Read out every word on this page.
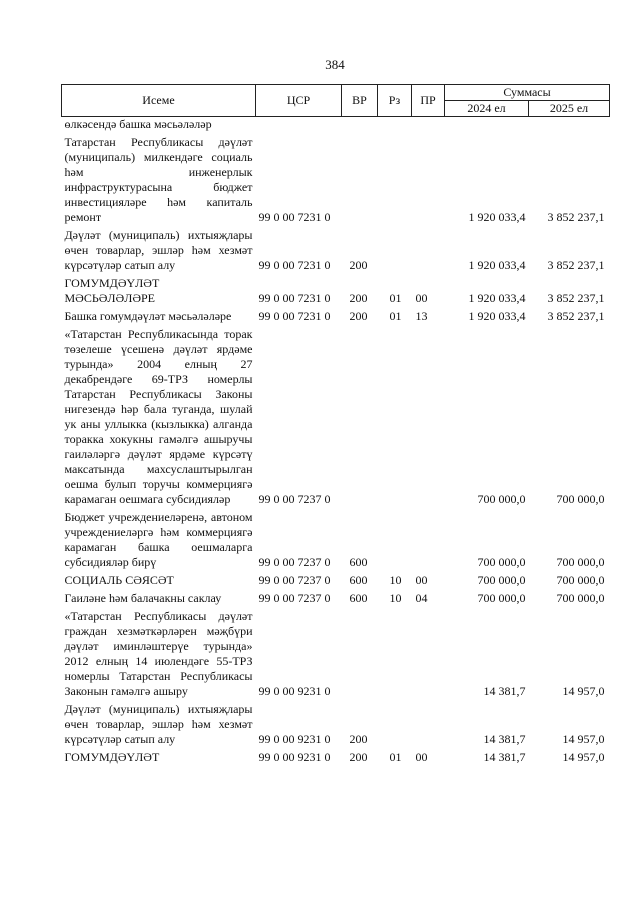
384
Исеме	ЦСР	ВР	Рз	ПР	Суммасы	
					2024 ел	2025 ел
өлкәсендә башка мәсьәләләр						
Татарстан Республикасы дәүләт (муниципаль) милкендәге социаль һәм инженерлык инфраструктурасына бюджет инвестицияләре һәм капиталь ремонт	99 0 00 7231 0				1 920 033,4	3 852 237,1
Дәүләт (муниципаль) ихтыяҗлары өчен товарлар, эшләр һәм хезмәт күрсәтүләр сатып алу	99 0 00 7231 0	200			1 920 033,4	3 852 237,1
ГОМУМДӘҮЛӘТ МӘСЬӘЛӘЛӘРЕ	99 0 00 7231 0	200	01	00	1 920 033,4	3 852 237,1
Башка гомумдәүләт мәсьәләләре	99 0 00 7231 0	200	01	13	1 920 033,4	3 852 237,1
«Татарстан Республикасында торак төзелеше үсешенә дәүләт ярдәме турында» 2004 елның 27 декабрендәге 69-ТРЗ номерлы Татарстан Республикасы Законы нигезендә һәр бала туганда, шулай ук аны уллыкка (кызлыкка) алганда торакка хокукны гамәлгә ашыручы гаиләләргә дәүләт ярдәме күрсәтү максатында махсуслаштырылган оешма булып торучы коммерциягә карамаган оешмага субсидияләр	99 0 00 7237 0				700 000,0	700 000,0
Бюджет учреждениеләренә, автоном учреждениеләргә һәм коммерциягә карамаган башка оешмаларга субсидияләр бирү	99 0 00 7237 0	600			700 000,0	700 000,0
СОЦИАЛЬ СӘЯСӘТ	99 0 00 7237 0	600	10	00	700 000,0	700 000,0
Гаиләне һәм балачакны саклау	99 0 00 7237 0	600	10	04	700 000,0	700 000,0
«Татарстан Республикасы дәүләт граждан хезмәткәрләрен мәҗбүри дәүләт иминләштерүе турында» 2012 елның 14 июлендәге 55-ТРЗ номерлы Татарстан Республикасы Законын гамәлгә ашыру	99 0 00 9231 0				14 381,7	14 957,0
Дәүләт (муниципаль) ихтыяҗлары өчен товарлар, эшләр һәм хезмәт күрсәтүләр сатып алу	99 0 00 9231 0	200			14 381,7	14 957,0
ГОМУМДӘҮЛӘТ	99 0 00 9231 0	200	01	00	14 381,7	14 957,0
